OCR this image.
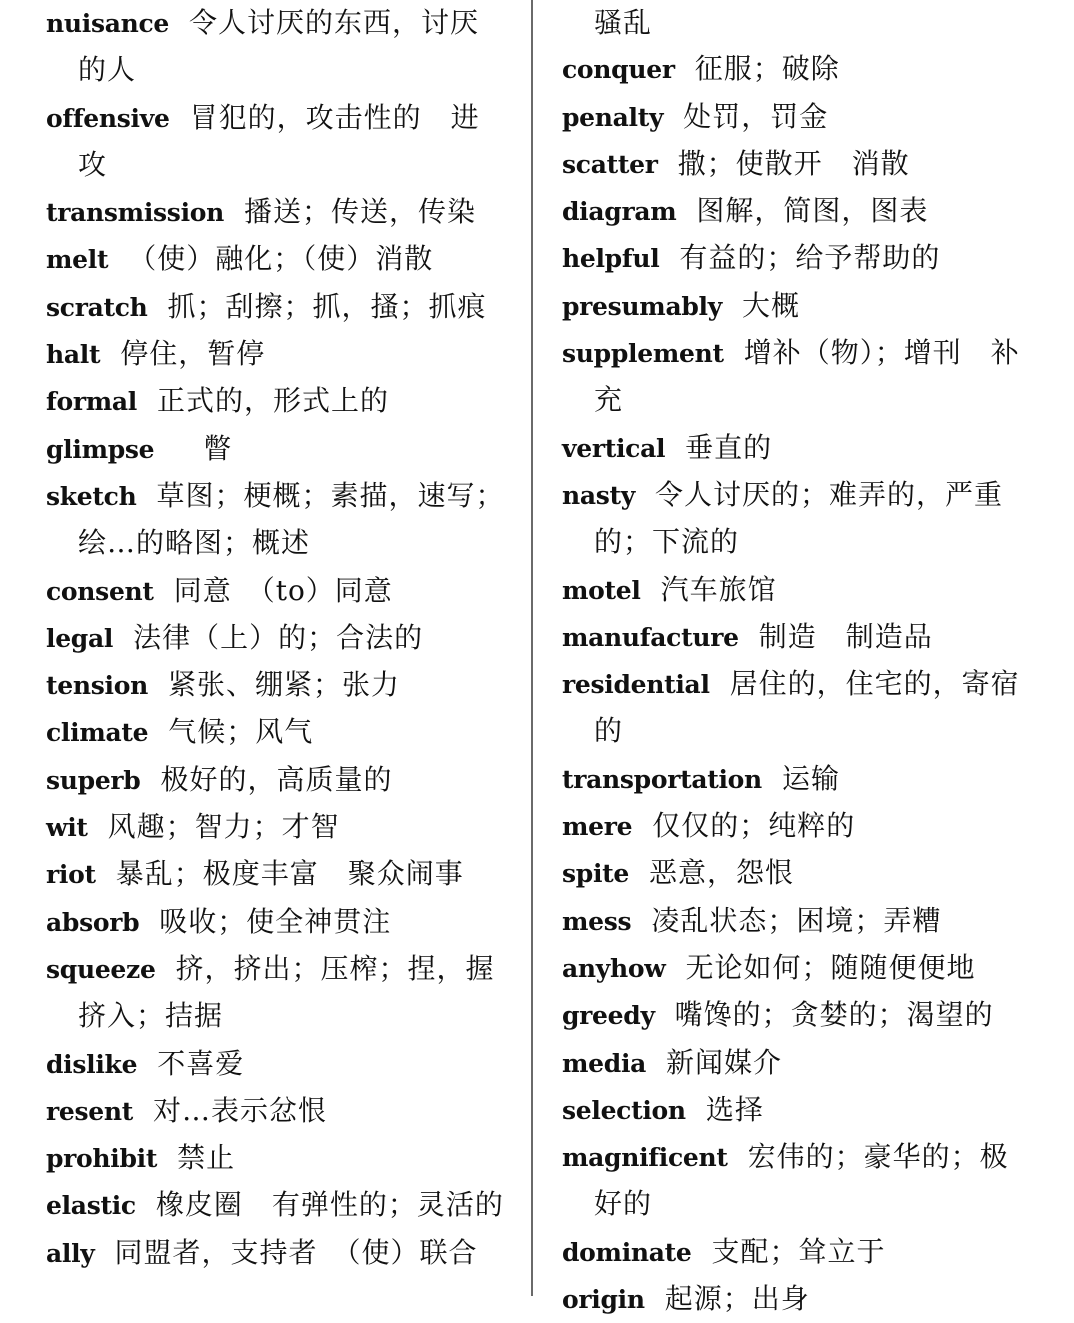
nuisance 令人讨厌的东西，讨厌的人
offensive 冒犯的，攻击性的　进攻
transmission 播送；传送，传染
melt （使）融化；（使）消散
scratch 抓；刮擦；抓，搔；抓痕
halt 停住，暂停
formal 正式的，形式上的
glimpse　瞥
sketch 草图；梗概；素描，速写；绘…的略图；概述
consent 同意　（to）同意
legal 法律（上）的；合法的
tension 紧张、绷紧；张力
climate 气候；风气
superb 极好的，高质量的
wit 风趣；智力；才智
riot 暴乱；极度丰富　聚众闹事
absorb 吸收；使全神贯注
squeeze 挤，挤出；压榨；捏，握　挤入；拮据
dislike 不喜爱
resent 对…表示忿恨
prohibit 禁止
elastic 橡皮圈　有弹性的；灵活的
ally 同盟者，支持者　（使）联合
骚乱
conquer 征服；破除
penalty 处罚，罚金
scatter 撒；使散开　消散
diagram 图解，简图，图表
helpful 有益的；给予帮助的
presumably 大概
supplement 增补（物）；增刊　补充
vertical 垂直的
nasty 令人讨厌的；难弄的，严重的；下流的
motel 汽车旅馆
manufacture 制造　制造品
residential 居住的，住宅的，寄宿的
transportation 运输
mere 仅仅的；纯粹的
spite 恶意，怨恨
mess 凌乱状态；困境；弄糟
anyhow 无论如何；随随便便地
greedy 嘴馋的；贪婪的；渴望的
media 新闻媒介
selection 选择
magnificent 宏伟的；豪华的；极好的
dominate 支配；耸立于
origin 起源；出身
